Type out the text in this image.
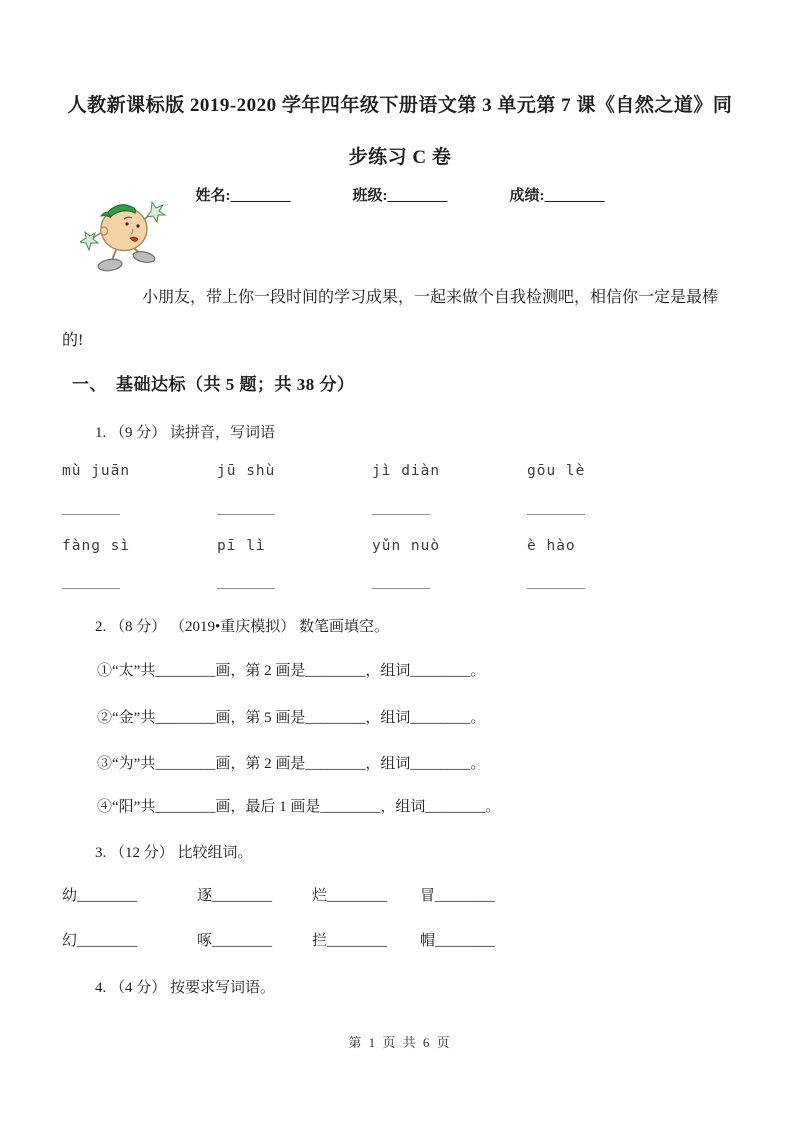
人教新课标版 2019-2020 学年四年级下册语文第 3 单元第 7 课《自然之道》同
步练习 C 卷
姓名:________	班级:________	成绩:________
小朋友，带上你一段时间的学习成果，一起来做个自我检测吧，相信你一定是最棒
的!
一、　基础达标（共 5 题；共 38 分）
1. （9 分） 读拼音，写词语
mù juān	jū shù	jì diàn	gōu lè
fàng sì	pī lì	yǔn nuò	è hào
2. （8 分） （2019•重庆模拟） 数笔画填空。
①“太”共________画，第 2 画是________，组词________。
②“金”共________画，第 5 画是________，组词________。
③“为”共________画，第 2 画是________，组词________。
④“阳”共________画，最后 1 画是________，组词________。
3. （12 分） 比较组词。
幼________	逐________	烂________ 冒________
幻________	啄________	拦________ 帽________
4. （4 分） 按要求写词语。
第 1 页 共 6 页
